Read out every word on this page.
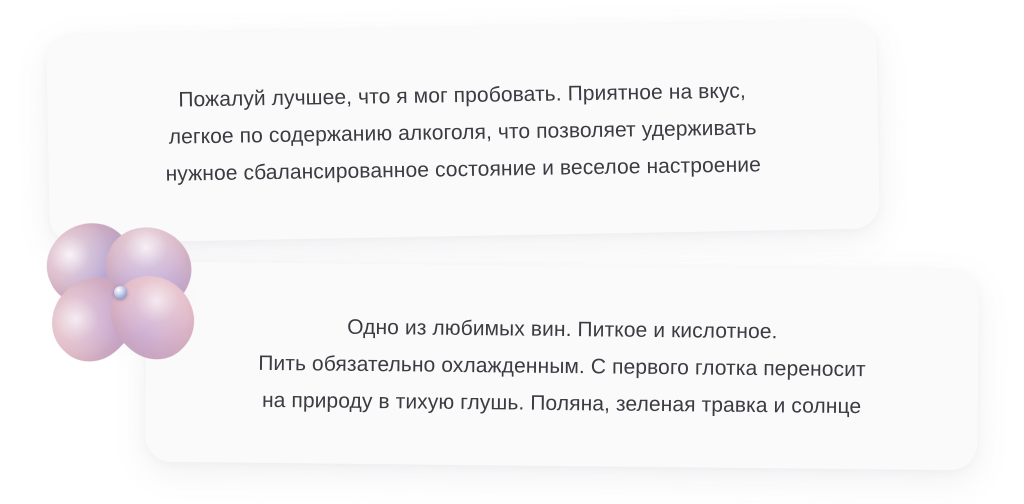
Пожалуй лучшее, что я мог пробовать. Приятное на вкус,
легкое по содержанию алкоголя, что позволяет удерживать
нужное сбалансированное состояние и веселое настроение
Одно из любимых вин. Питкое и кислотное.
Пить обязательно охлажденным. С первого глотка переносит
на природу в тихую глушь. Поляна, зеленая травка и солнце
